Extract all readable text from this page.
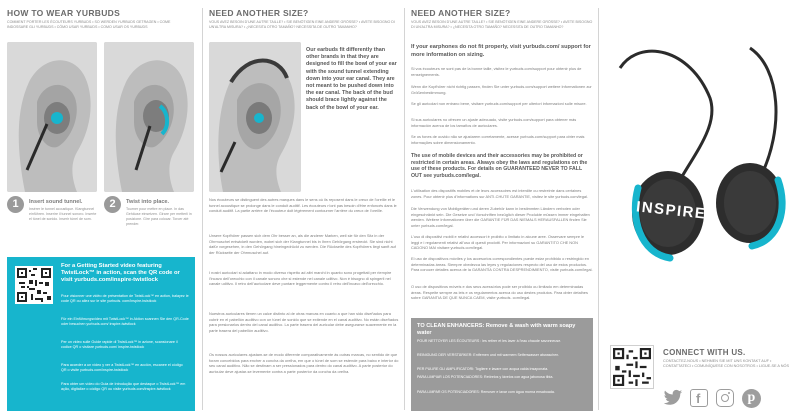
HOW TO WEAR YURBUDS
COMMENT PORTER LES ÉCOUTEURS YURBUDS • SO WERDEN YURBUDS GETRAGEN • COME INDOSSARE GLI YURBUDS • CÓMO USAR YURBUDS • COMO USAR OS YURBUDS
1	Insert sound tunnel.
Insérer le tunnel acoustique. Klangtunnel einführen. Inserire il tunnel sonoro. Inserte el túnel de sonido. Inserir túnel de som.
2	Twist into place.
Tourner pour mettre en place. In das Gehäuse einsetzen. Girare per metterli in posizione. Gire para colocar. Torcer até prender.
For a Getting Started video featuring TwistLock™ in action, scan the QR code or visit yurbuds.com/inspire-twistlock
Pour visionner une vidéo de présentation de TwistLock™ en action, balayez le code QR ou allez sur le site yurbuds. com/inspire-twistlock
Für ein Einführungsvideo mit TwistLock™ in Aktion scannen Sie den QR-Code oder besuchen yurbuds.com/ inspire-twistlock
Per un video sulle Guide rapide di TwistLock™ in azione, scansionare il codice QR o visitare yurbuds.com/ inspire-twistlock
Para acceder a un vídeo y ver a TwistLock™ en acción, escanee el código QR o visite yurbuds.com/inspire-twistlock
Para obter um vídeo do Guia de Introdução que destaque o TwistLock™ em ação, digitalize o código QR ou visite yurbuds.com/inspire-twistlock
NEED ANOTHER SIZE?
VOUS AVEZ BESOIN D'UNE AUTRE TAILLE? • SIE BENÖTIGEN EINE ANDERE GRÖSSE? • AVETE BISOGNO DI UN'ALTRA MISURA? • ¿NECESITA OTRO TAMAÑO? NECESSITA DE OUTRO TAMANHO?
Our earbuds fit differently than other brands in that they are designed to fill the bowl of your ear with the sound tunnel extending down into your ear canal. They are not meant to be pushed down into the ear canal. The back of the bud should brace lightly against the back of the bowl of your ear.
Nos écouteurs se distinguent des autres marques dans le sens où ils reposent dans le creux de l'oreille et le tunnel acoustique se prolonge dans le conduit auditif. Les écouteurs n'ont pas besoin d'être enfoncés dans le conduit auditif. La partie arrière de l'écouteur doit légèrement contourner l'arrière du creux de l'oreille.
Unsere Kopfhörer passen sich dem Ohr besser an, als die anderer Marken, weil sie für den Sitz in der Ohrmuschel entwickelt wurden, wobei sich der Klangtunnel bis in Ihren Gehörgang erstreckt. Sie sind nicht dafür vorgesehen, in den Gehörgang hineingedrückt zu werden. Die Rückseite des Kopfhörers liegt sanft auf der Rückseite der Ohrmuschel auf.
I nostri auricolari si adattano in modo diverso rispetto ad altri marchi in quanto sono progettati per riempire l'incavo dell'orecchio con il canale sonoro che si estende nel canale uditivo. Non è bisogno di spingerli nel canale uditivo. Il retro dell'auricolare deve puntare leggermente contro il retro dell'incavo dell'orecchio.
Nuestros auriculares tienen un calce distinto al de otras marcas en cuanto a que han sido diseñados para cubrir en el pabellón auditivo con un túnel de sonido que se extiende en el canal auditivo. No están diseñados para presionarlos dentro del canal auditivo. La parte trasera del auricular debe asegurarse suavemente en la parte trasera del pabellón auditivo.
Os nossos auriculares ajustam-se de modo diferente comparativamente às outras marcas, no sentido de que foram concebidos para encher a concha da orelha, em que o túnel de som se estende para baixo e interior do seu canal auditivo. Não se destinam a ser pressionados para dentro do canal auditivo. A parte posterior do auricular deve ajustar-se levemente contra a parte posterior da concha da orelha.
NEED ANOTHER SIZE?
VOUS AVEZ BESOIN D'UNE AUTRE TAILLE? • SIE BENÖTIGEN EINE ANDERE GRÖSSE? • AVETE BISOGNO DI UN'ALTRA MISURA? • ¿NECESITA OTRO TAMAÑO? NECESSITA DE OUTRO TAMANHO?
If your earphones do not fit properly, visit yurbuds.com/ support for more information on sizing.
Si vos écouteurs ne sont pas de la bonne taille, visitez le yurbuds.com/support pour obtenir plus de renseignements.
Wenn die Kopfhörer nicht richtig passen, finden Sie unter yurbuds.com/support weitere Informationen zur Größenbestimmung.
Se gli auricolari non entrano bene, visitare yurbuds.com/support per ulteriori informazioni sulle misure.
Si sus auriculares no ofrecen un ajuste adecuado, visite yurbuds.com/support para obtener más información acerca de los tamaños de auriculares.
Se os fones de ouvido não se ajustarem corretamente, acesse yurbuds.com/support para obter mais informações sobre dimensionamento.
The use of mobile devices and their accessories may be prohibited or restricted in certain areas. Always obey the laws and regulations on the use of these products. For details on GUARANTEED NEVER TO FALL OUT see yurbuds.com/legal.
L'utilisation des dispositifs mobiles et de leurs accessoires est interdite ou restreinte dans certaines zones. Pour obtenir plus d'informations sur ANTI-CHUTE GARANTIE, visitez le site yurbuds.com/legal.
Die Verwendung von Mobilgeräten und deren Zubehör kann in bestimmten Ländern verboten oder eingeschränkt sein. Die Gesetze und Vorschriften bezüglich dieser Produkte müssen immer eingehalten werden. Weitere Informationen über die GARANTIE FÜR DAS NIEMALS HERAUSFALLEN finden Sie unter yurbuds.com/legal.
L'uso di dispositivi mobili e relativi accessori è proibito o limitato in alcune aree. Osservare sempre le leggi e i regolamenti relativi all'uso di questi prodotti. Per informazioni su GARANTITO CHE NON CADONO MAI visitare yurbuds.com/legal.
El uso de dispositivos móviles y los accesorios correspondientes puede estar prohibido o restringido en determinadas áreas. Siempre obedezca las leyes y regulaciones respecto del uso de estos productos. Para conocer detalles acerca de la GARANTÍA CONTRA DESPRENDIMIENTO, visite yurbuds.com/legal.
O uso de dispositivos móveis e dos seus acessórios pode ser proibido ou limitado em determinadas áreas. Respeite sempre as leis e os regulamentos acerca do uso destes produtos. Para obter detalhes sobre GARANTIA DE QUE NUNCA CAEM, visite yurbuds. com/legal.
TO CLEAN ENHANCERS: Remove & wash with warm soapy water
POUR NETTOYER LES ÉCOUTEURS : les retirer et les laver à l'eau chaude savonneuse.
REINIGUNG DER VERSTÄRKER: Entfernen und mit warmem Seifenwasser abwaschen.
PER PULIRE GLI AMPLIFICATORI: Togliere e lavare con acqua calda insaponata.
PARA LIMPIAR LOS POTENCIADORES: Retírelos y lávelos con agua jabonosa tibia.
PARA LIMPAR OS POTENCIADORES: Remover e lavar com água morna ensaboada.
INSPIRE
CONNECT WITH US.
CONTACTEZ-NOUS • NEHMEN SIE MIT UNS KONTAKT AUF • CONTATTATECI • COMUNÍQUESE CON NOSOTROS • LIGUE-SE A NÓS
f	p
